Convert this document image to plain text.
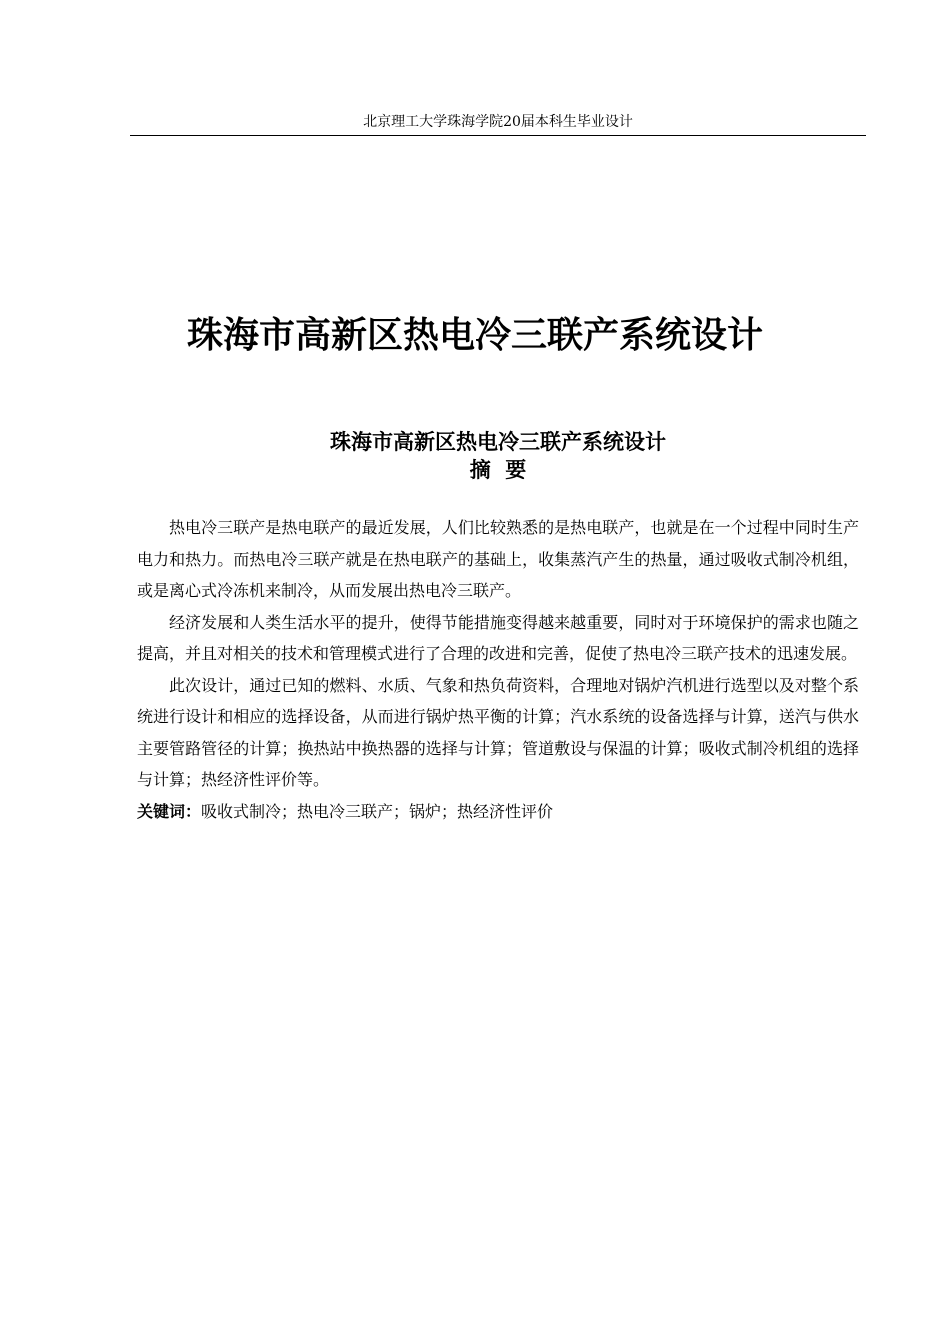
北京理工大学珠海学院20届本科生毕业设计
珠海市高新区热电冷三联产系统设计
珠海市高新区热电冷三联产系统设计
摘  要

热电冷三联产是热电联产的最近发展，人们比较熟悉的是热电联产，也就是在一个过程中同时生产电力和热力。而热电冷三联产就是在热电联产的基础上，收集蒸汽产生的热量，通过吸收式制冷机组，或是离心式冷冻机来制冷，从而发展出热电冷三联产。

经济发展和人类生活水平的提升，使得节能措施变得越来越重要，同时对于环境保护的需求也随之提高，并且对相关的技术和管理模式进行了合理的改进和完善，促使了热电冷三联产技术的迅速发展。

此次设计，通过已知的燃料、水质、气象和热负荷资料，合理地对锅炉汽机进行选型以及对整个系统进行设计和相应的选择设备，从而进行锅炉热平衡的计算；汽水系统的设备选择与计算，送汽与供水主要管路管径的计算；换热站中换热器的选择与计算；管道敷设与保温的计算；吸收式制冷机组的选择与计算；热经济性评价等。

关键词：吸收式制冷；热电冷三联产；锅炉；热经济性评价
